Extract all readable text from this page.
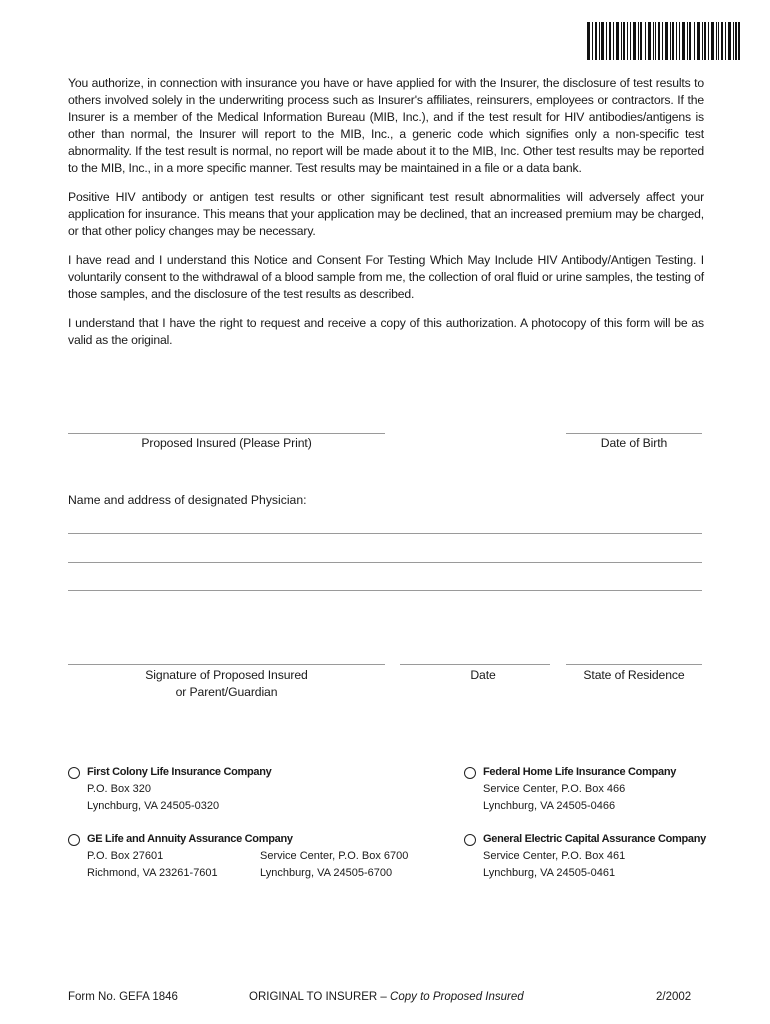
You authorize, in connection with insurance you have or have applied for with the Insurer, the disclosure of test results to others involved solely in the underwriting process such as Insurer's affiliates, reinsurers, employees or contractors. If the Insurer is a member of the Medical Information Bureau (MIB, Inc.), and if the test result for HIV antibodies/antigens is other than normal, the Insurer will report to the MIB, Inc., a generic code which signifies only a non-specific test abnormality. If the test result is normal, no report will be made about it to the MIB, Inc. Other test results may be reported to the MIB, Inc., in a more specific manner. Test results may be maintained in a file or a data bank.

Positive HIV antibody or antigen test results or other significant test result abnormalities will adversely affect your application for insurance. This means that your application may be declined, that an increased premium may be charged, or that other policy changes may be necessary.

I have read and I understand this Notice and Consent For Testing Which May Include HIV Antibody/Antigen Testing. I voluntarily consent to the withdrawal of a blood sample from me, the collection of oral fluid or urine samples, the testing of those samples, and the disclosure of the test results as described.

I understand that I have the right to request and receive a copy of this authorization. A photocopy of this form will be as valid as the original.

Proposed Insured (Please Print)	Date of Birth
Name and address of designated Physician:
Signature of Proposed Insured
or Parent/Guardian
Date	State of Residence
First Colony Life Insurance Company
P.O. Box 320
Lynchburg, VA 24505-0320
Federal Home Life Insurance Company
Service Center, P.O. Box 466
Lynchburg, VA 24505-0466
GE Life and Annuity Assurance Company
P.O. Box 27601
Richmond, VA 23261-7601
Service Center, P.O. Box 6700
Lynchburg, VA 24505-6700
General Electric Capital Assurance Company
Service Center, P.O. Box 461
Lynchburg, VA 24505-0461
Form No. GEFA 1846	ORIGINAL TO INSURER – Copy to Proposed Insured	2/2002
